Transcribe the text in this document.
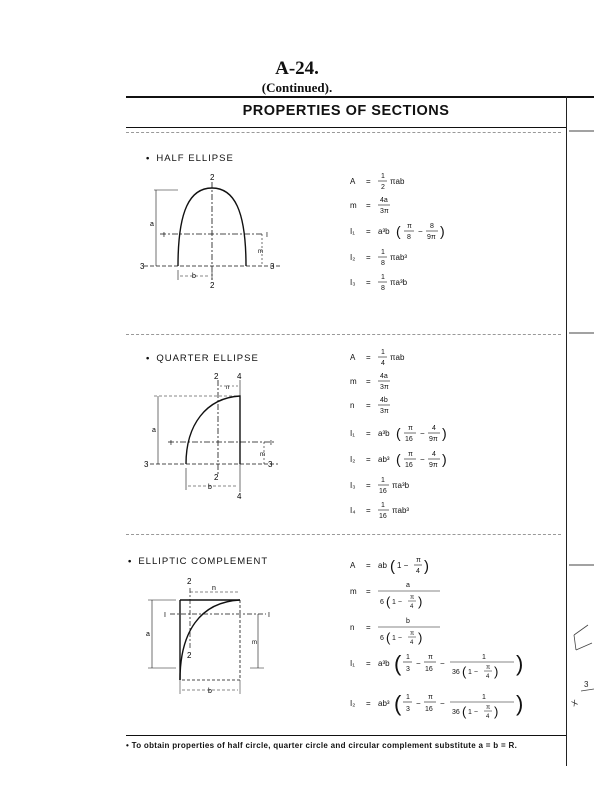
A-24.
(Continued).
PROPERTIES OF SECTIONS
3
X
• HALF ELLIPSE
2
2
3	3
I	I
a
m
b
A =
1
2
πab
m =
4a
3π
I₁ = a³b ( π
8
−
8
9π )
I₂ =
1
8
πab³
I₃ =
1
8
πa³b
• QUARTER ELLIPSE
2 4
n
3	3
I	I
a
m
2
b
4
A =
1
4
πab
m =
4a
3π
n =
4b
3π
I₁ = a³b ( π
16
−
4
9π )
I₂ = ab³ ( π
16
−
4
9π )
I₃ =
1
16
πa³b
I₄ =
1
16
πab³
• ELLIPTIC COMPLEMENT
2
2
I	I
a
m
n
b
A = ab ( 1 −
π
4 )
m =
a
6 ( 1 −
π
4 )
n =
b
6 ( 1 −
π
4 )
I₁ = a³b ( 1
3
−
π
16
−
1
36 ( 1 −
π
4 ) )
I₂ = ab³ ( 1
3
−
π
16
−
1
36 ( 1 −
π
4 ) )
• To obtain properties of half circle, quarter circle and circular complement substitute a = b = R.
